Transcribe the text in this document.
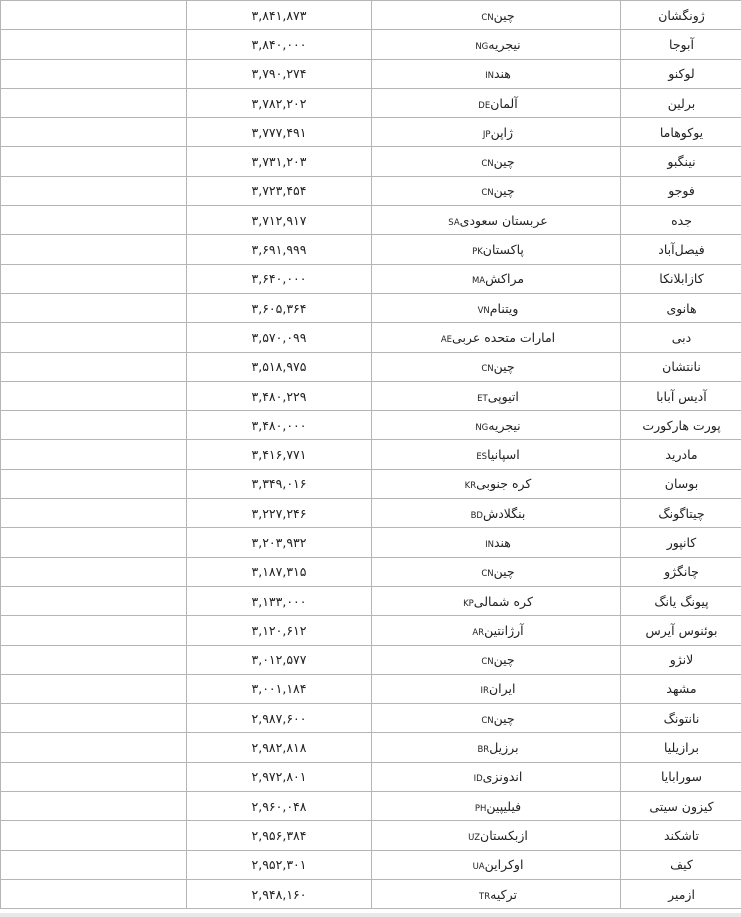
	۳,۸۴۱,۸۷۳	چینCN	ژونگشان
	۳,۸۴۰,۰۰۰	نیجریهNG	آبوجا
	۳,۷۹۰,۲۷۴	هندIN	لوکنو
	۳,۷۸۲,۲۰۲	آلمانDE	برلین
	۳,۷۷۷,۴۹۱	ژاپنJP	یوکوهاما
	۳,۷۳۱,۲۰۳	چینCN	نینگبو
	۳,۷۲۳,۴۵۴	چینCN	فوجو
	۳,۷۱۲,۹۱۷	عربستان سعودیSA	جده
	۳,۶۹۱,۹۹۹	پاکستانPK	فیصل‌آباد
	۳,۶۴۰,۰۰۰	مراکشMA	کازابلانکا
	۳,۶۰۵,۳۶۴	ویتنامVN	هانوی
	۳,۵۷۰,۰۹۹	امارات متحده عربیAE	دبی
	۳,۵۱۸,۹۷۵	چینCN	نانتشان
	۳,۴۸۰,۲۲۹	اتیوپیET	آدیس آبابا
	۳,۴۸۰,۰۰۰	نیجریهNG	پورت هارکورت
	۳,۴۱۶,۷۷۱	اسپانیاES	مادرید
	۳,۳۴۹,۰۱۶	کره جنوبیKR	بوسان
	۳,۲۲۷,۲۴۶	بنگلادشBD	چیتاگونگ
	۳,۲۰۳,۹۳۲	هندIN	کانپور
	۳,۱۸۷,۳۱۵	چینCN	چانگژو
	۳,۱۳۳,۰۰۰	کره شمالیKP	پیونگ یانگ
	۳,۱۲۰,۶۱۲	آرژانتینAR	بوئنوس آیرس
	۳,۰۱۲,۵۷۷	چینCN	لانژو
	۳,۰۰۱,۱۸۴	ایرانIR	مشهد
	۲,۹۸۷,۶۰۰	چینCN	نانتونگ
	۲,۹۸۲,۸۱۸	برزیلBR	برازیلیا
	۲,۹۷۲,۸۰۱	اندونزیID	سورابایا
	۲,۹۶۰,۰۴۸	فیلیپینPH	کیزون سیتی
	۲,۹۵۶,۳۸۴	ازبکستانUZ	تاشکند
	۲,۹۵۲,۳۰۱	اوکراینUA	کیف
	۲,۹۴۸,۱۶۰	ترکیهTR	ازمیر
